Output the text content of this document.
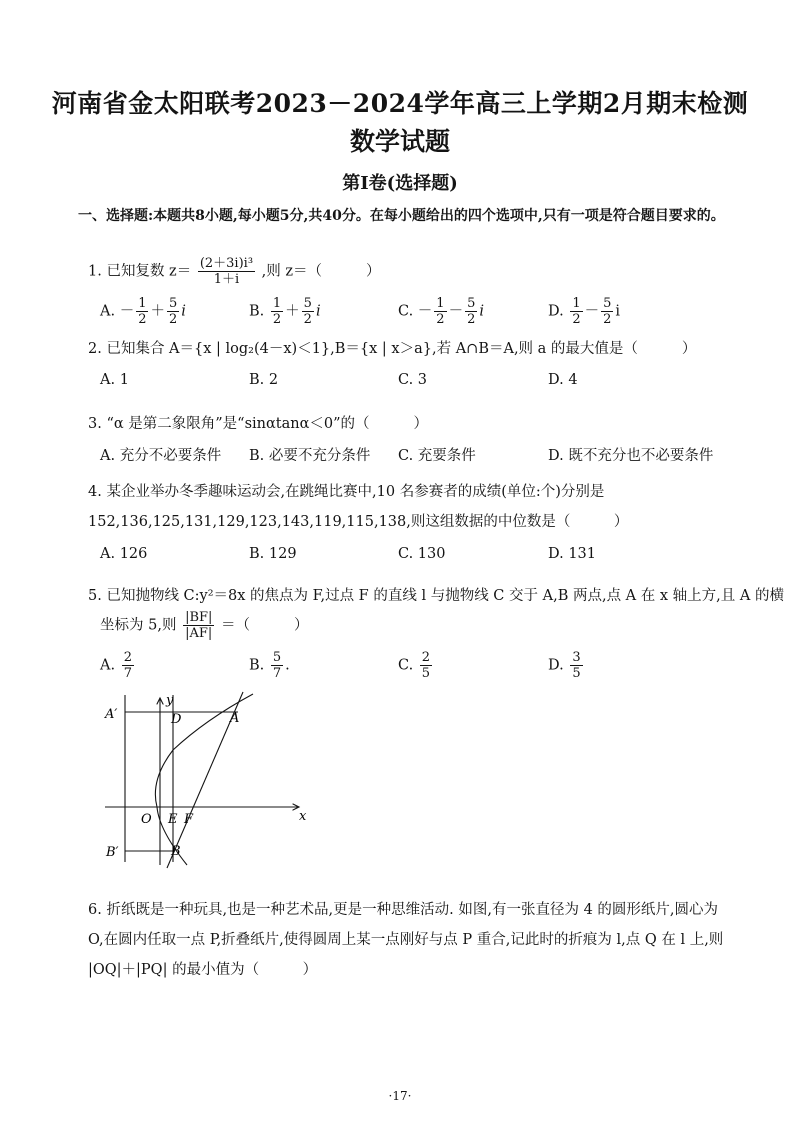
河南省金太阳联考2023－2024学年高三上学期2月期末检测
数学试题
第Ⅰ卷(选择题)
一、选择题:本题共8小题,每小题5分,共40分。在每小题给出的四个选项中,只有一项是符合题目要求的。
1. 已知复数 $z= \frac{\text{(2＋3i)i³}}{1+i}$ ,则 z＝（	）
A. － $\frac{1}{2} + \frac{5}{2}$ i	B. $\frac{1}{2} + \frac{5}{2}$ i	C. － $\frac{1}{2} - \frac{5}{2}$ i	D. $\frac{1}{2} - \frac{5}{2}$ i
2. 已知集合 A＝{x | log₂(4－x)＜1},B＝{x | x＞a},若 A∩B＝A,则 a 的最大值是（	）
A. 1	B. 2	C. 3	D. 4
3. “α 是第二象限角”是“sinαtanα＜0”的（	）
A. 充分不必要条件 B. 必要不充分条件 C. 充要条件	D. 既不充分也不必要条件
4. 某企业举办冬季趣味运动会,在跳绳比赛中,10 名参赛者的成绩(单位:个)分别是 152,136,125,131,129,123,143,119,115,138,则这组数据的中位数是（　　　）
A. 126	B. 129	C. 130	D. 131
5. 已知抛物线 C:y²＝8x 的焦点为 F,过点 F 的直线 l 与抛物线 C 交于 A,B 两点,点 A 在 x 轴上方,且 A 的横
坐标为 5,则 $\frac{|BF|}{|AF|}$ ＝（	）
A. $\frac{2}{7}$	B. $\frac{5}{7}$ .	C. $\frac{2}{5}$	D. $\frac{3}{5}$
y
x
A′	D	A
O E F
B′	B
6. 折纸既是一种玩具,也是一种艺术品,更是一种思维活动. 如图,有一张直径为 4 的圆形纸片,圆心为 O,在圆内任取一点 P,折叠纸片,使得圆周上某一点刚好与点 P 重合,记此时的折痕为 l,点 Q 在 l 上,则 |OQ|＋|PQ| 的最小值为（　　　）
·17·
